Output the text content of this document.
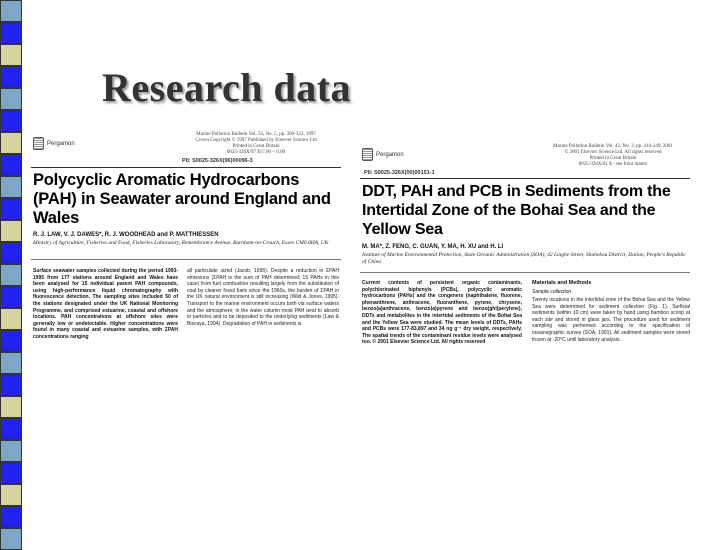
Research data
Pergamon
Marine Pollution Bulletin Vol. 34, No. 5, pp. 306-322, 1997
Crown Copyright © 1997 Published by Elsevier Science Ltd
Printed in Great Britain
0025-326X/97 $17.00 + 0.00
PII: S0025-326X(96)00096-3
Polycyclic Aromatic Hydrocarbons (PAH) in Seawater around England and Wales
R. J. LAW, V. J. DAWES*, R. J. WOODHEAD and P. MATTHIESSEN
Ministry of Agriculture, Fisheries and Food, Fisheries Laboratory, Remembrance Avenue, Burnham-on-Crouch, Essex CM0 8HA, UK
Surface seawater samples collected during the period 1993-1995 from 177 stations around England and Wales have been analysed for 15 individual parent PAH compounds, using high-performance liquid chromatography with fluorescence detection. The sampling sites included 50 of the stations designated under the UK National Monitoring Programme, and comprised estuarine, coastal and offshore locations. PAH concentrations at offshore sites were generally low or undetectable. Higher concentrations were found in many coastal and estuarine samples, with ΣPAH concentrations ranging
all particulate sized (Jacob, 1995). Despite a reduction in ΣPAH emissions (ΣPAH is the sum of PAH determined; 15 PAHs in this case) from fuel combustion resulting largely from the substitution of coal by cleaner fossil fuels since the 1960s, the burden of ΣPAH in the UK natural environment is still increasing (Wild & Jones, 1995). Transport to the marine environment occurs both via surface waters and the atmosphere; in the water column most PAH tend to absorb to particles and to be deposited to the underlying sediments (Law & Biscaya, 1994). Degradation of PAH in sediments is
Pergamon
Marine Pollution Bulletin Vol. 42, No. 3, pp. 244-249, 2001
© 2001 Elsevier Science Ltd. All rights reserved
Printed in Great Britain
0025-326X/01 $ - see front matter
PII: S0025-326X(00)00151-1
DDT, PAH and PCB in Sediments from the Intertidal Zone of the Bohai Sea and the Yellow Sea
M. MA*, Z. FENG, C. GUAN, Y. MA, H. XU and H. LI
Institute of Marine Environmental Protection, State Oceanic Administration (SOA), 42 Linghe Street, Shahekou District, Dalian, People's Republic of China
Current contents of persistent organic contaminants, polychlorinated biphenyls (PCBs), polycyclic aromatic hydrocarbons (PAHs) and the congeners (naphthalene, fluorene, phenanthrene, anthracene, fluoranthene, pyrene, chrysene, benzo(a)anthracene, benzo(a)pyrene and benzo(ghi)perylene), DDTs and metabolites in the intertidal sediments of the Bohai Sea and the Yellow Sea were studied. The mean levels of DDTs, PAHs and PCBs were 177-83,897 and 34 ng g⁻¹ dry weight, respectively. The spatial trends of the contaminant residue levels were analysed too. © 2001 Elsevier Science Ltd. All rights reserved
Materials and Methods
Sample collection
Twenty locations in the intertidal zone of the Bohai Sea and the Yellow Sea were determined for sediment collection (Fig. 1). Surficial sediments (within 10 cm) were taken by hand using bamboo scoop at each site and stored in glass jars. The procedure used for sediment sampling was performed according to the specification of oceanographic survey (SOA, 1991). All sediment samples were stored frozen at -20°C until laboratory analysis.
